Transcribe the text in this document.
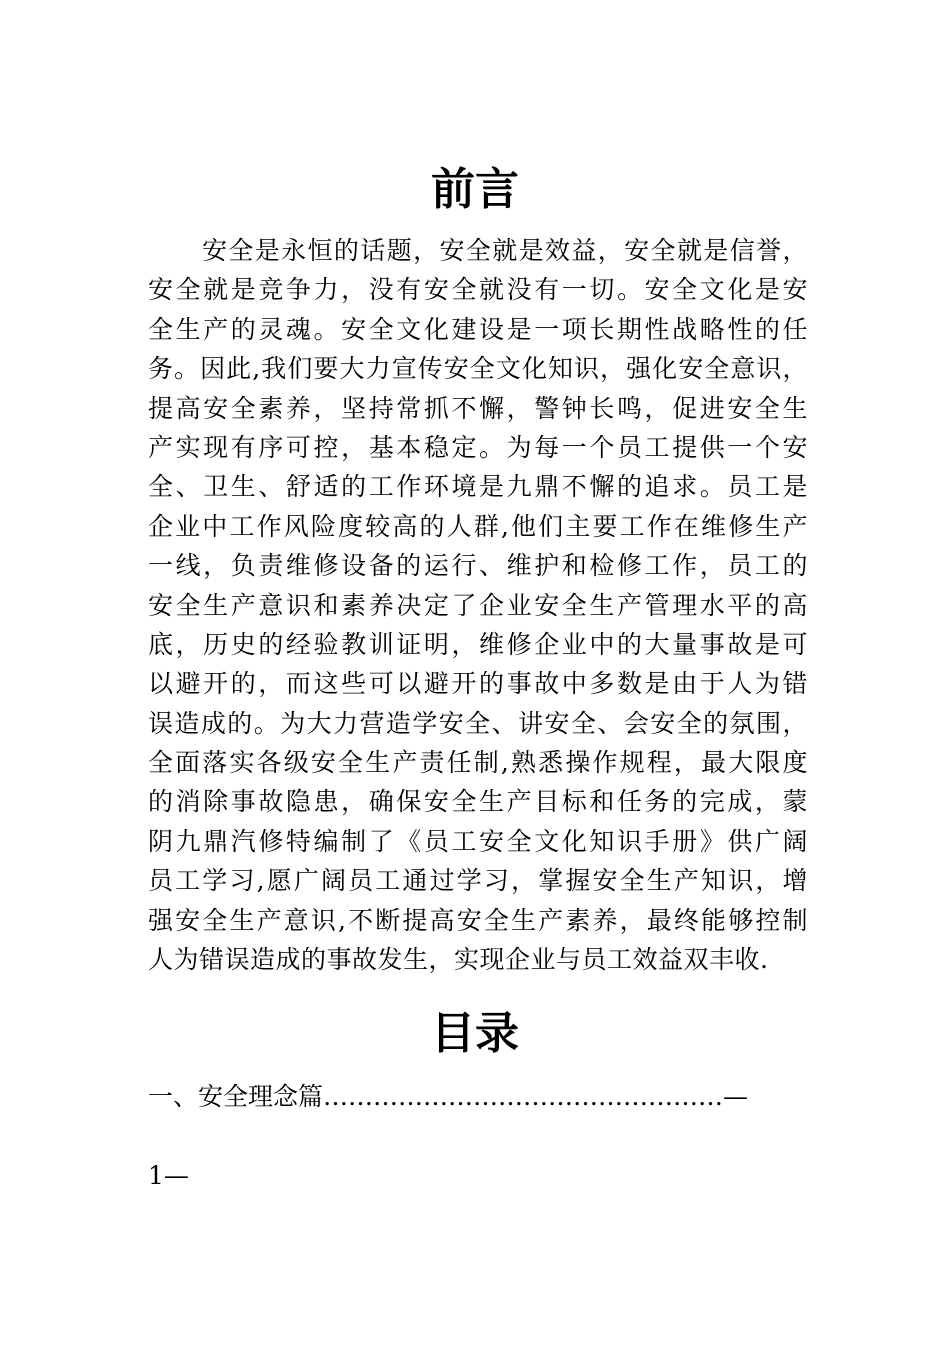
前言
安全是永恒的话题，安全就是效益，安全就是信誉，
安全就是竞争力，没有安全就没有一切。安全文化是安
全生产的灵魂。安全文化建设是一项长期性战略性的任
务。因此,我们要大力宣传安全文化知识，强化安全意识，
提高安全素养，坚持常抓不懈，警钟长鸣，促进安全生
产实现有序可控，基本稳定。为每一个员工提供一个安
全、卫生、舒适的工作环境是九鼎不懈的追求。员工是
企业中工作风险度较高的人群,他们主要工作在维修生产
一线，负责维修设备的运行、维护和检修工作，员工的
安全生产意识和素养决定了企业安全生产管理水平的高
底，历史的经验教训证明，维修企业中的大量事故是可
以避开的，而这些可以避开的事故中多数是由于人为错
误造成的。为大力营造学安全、讲安全、会安全的氛围，
全面落实各级安全生产责任制,熟悉操作规程，最大限度
的消除事故隐患，确保安全生产目标和任务的完成，蒙
阴九鼎汽修特编制了《员工安全文化知识手册》供广阔
员工学习,愿广阔员工通过学习，掌握安全生产知识，增
强安全生产意识,不断提高安全生产素养，最终能够控制
人为错误造成的事故发生，实现企业与员工效益双丰收.
目录
一、安全理念篇…………………………………………—
1—
